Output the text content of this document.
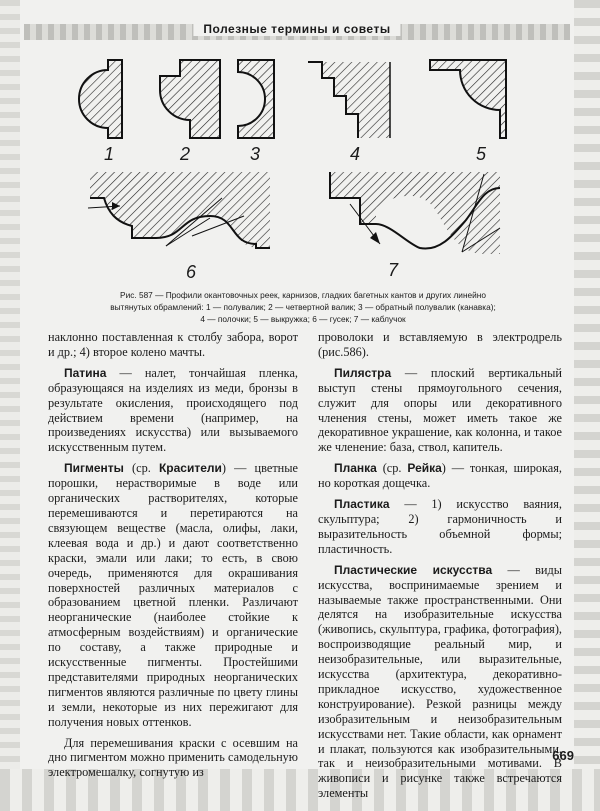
Полезные термины и советы
1	2	3	4	5
6	7
Рис. 587 — Профили окантовочных реек, карнизов, гладких багетных кантов и других линейно
вытянутых обрамлений: 1 — полувалик; 2 — четвертной валик; 3 — обратный полувалик (канавка);
4 — полочки; 5 — выкружка; 6 — гусек; 7 — каблучок

наклонно поставленная к столбу забора, ворот и др.; 4) второе колено мачты.

Патина — налет, тончайшая пленка, образующаяся на изделиях из меди, бронзы в результате окисления, происходящего под действием времени (например, на произведениях искусства) или вызываемого искусственным путем.

Пигменты (ср. Красители) — цветные порошки, нерастворимые в воде или органических растворителях, которые перемешиваются и перетираются на связующем веществе (масла, олифы, лаки, клеевая вода и др.) и дают соответственно краски, эмали или лаки; то есть, в свою очередь, применяются для окрашивания поверхностей различных материалов с образованием цветной пленки. Различают неорганические (наиболее стойкие к атмосферным воздействиям) и органические по составу, а также природные и искусственные пигменты. Простейшими представителями природных неорганических пигментов являются различные по цвету глины и земли, некоторые из них пережигают для получения новых оттенков.

Для перемешивания краски с осевшим на дно пигментом можно применить самодельную электромешалку, согнутую из

проволоки и вставляемую в электродрель (рис.586).

Пилястра — плоский вертикальный выступ стены прямоугольного сечения, служит для опоры или декоративного членения стены, может иметь такое же декоративное украшение, как колонна, и такое же членение: база, ствол, капитель.

Планка (ср. Рейка) — тонкая, широкая, но короткая дощечка.

Пластика — 1) искусство ваяния, скульптура; 2) гармоничность и выразительность объемной формы; пластичность.

Пластические искусства — виды искусства, воспринимаемые зрением и называемые также пространственными. Они делятся на изобразительные искусства (живопись, скульптура, графика, фотография), воспроизводящие реальный мир, и неизобразительные, или выразительные, искусства (архитектура, декоративно-прикладное искусство, художественное конструирование). Резкой разницы между изобразительным и неизобразительным искусствами нет. Такие области, как орнамент и плакат, пользуются как изобразительными, так и неизобразительными мотивами. В живописи и рисунке также встречаются элементы

669
